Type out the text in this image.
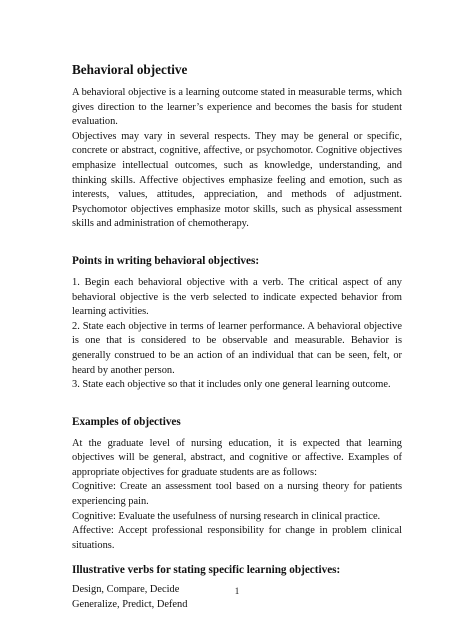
Behavioral objective

A behavioral objective is a learning outcome stated in measurable terms, which gives direction to the learner’s experience and becomes the basis for student evaluation.

Objectives may vary in several respects. They may be general or specific, concrete or abstract, cognitive, affective, or psychomotor. Cognitive objectives emphasize intellectual outcomes, such as knowledge, understanding, and thinking skills. Affective objectives emphasize feeling and emotion, such as interests, values, attitudes, appreciation, and methods of adjustment. Psychomotor objectives emphasize motor skills, such as physical assessment skills and administration of chemotherapy.

Points in writing behavioral objectives:

1. Begin each behavioral objective with a verb. The critical aspect of any behavioral objective is the verb selected to indicate expected behavior from learning activities.

2. State each objective in terms of learner performance. A behavioral objective is one that is considered to be observable and measurable. Behavior is generally construed to be an action of an individual that can be seen, felt, or heard by another person.

3. State each objective so that it includes only one general learning outcome.

Examples of objectives

At the graduate level of nursing education, it is expected that learning objectives will be general, abstract, and cognitive or affective. Examples of appropriate objectives for graduate students are as follows:

Cognitive: Create an assessment tool based on a nursing theory for patients experiencing pain.

Cognitive: Evaluate the usefulness of nursing research in clinical practice.

Affective: Accept professional responsibility for change in problem clinical situations.

Illustrative verbs for stating specific learning objectives:

Design, Compare, Decide

Generalize, Predict, Defend

1
